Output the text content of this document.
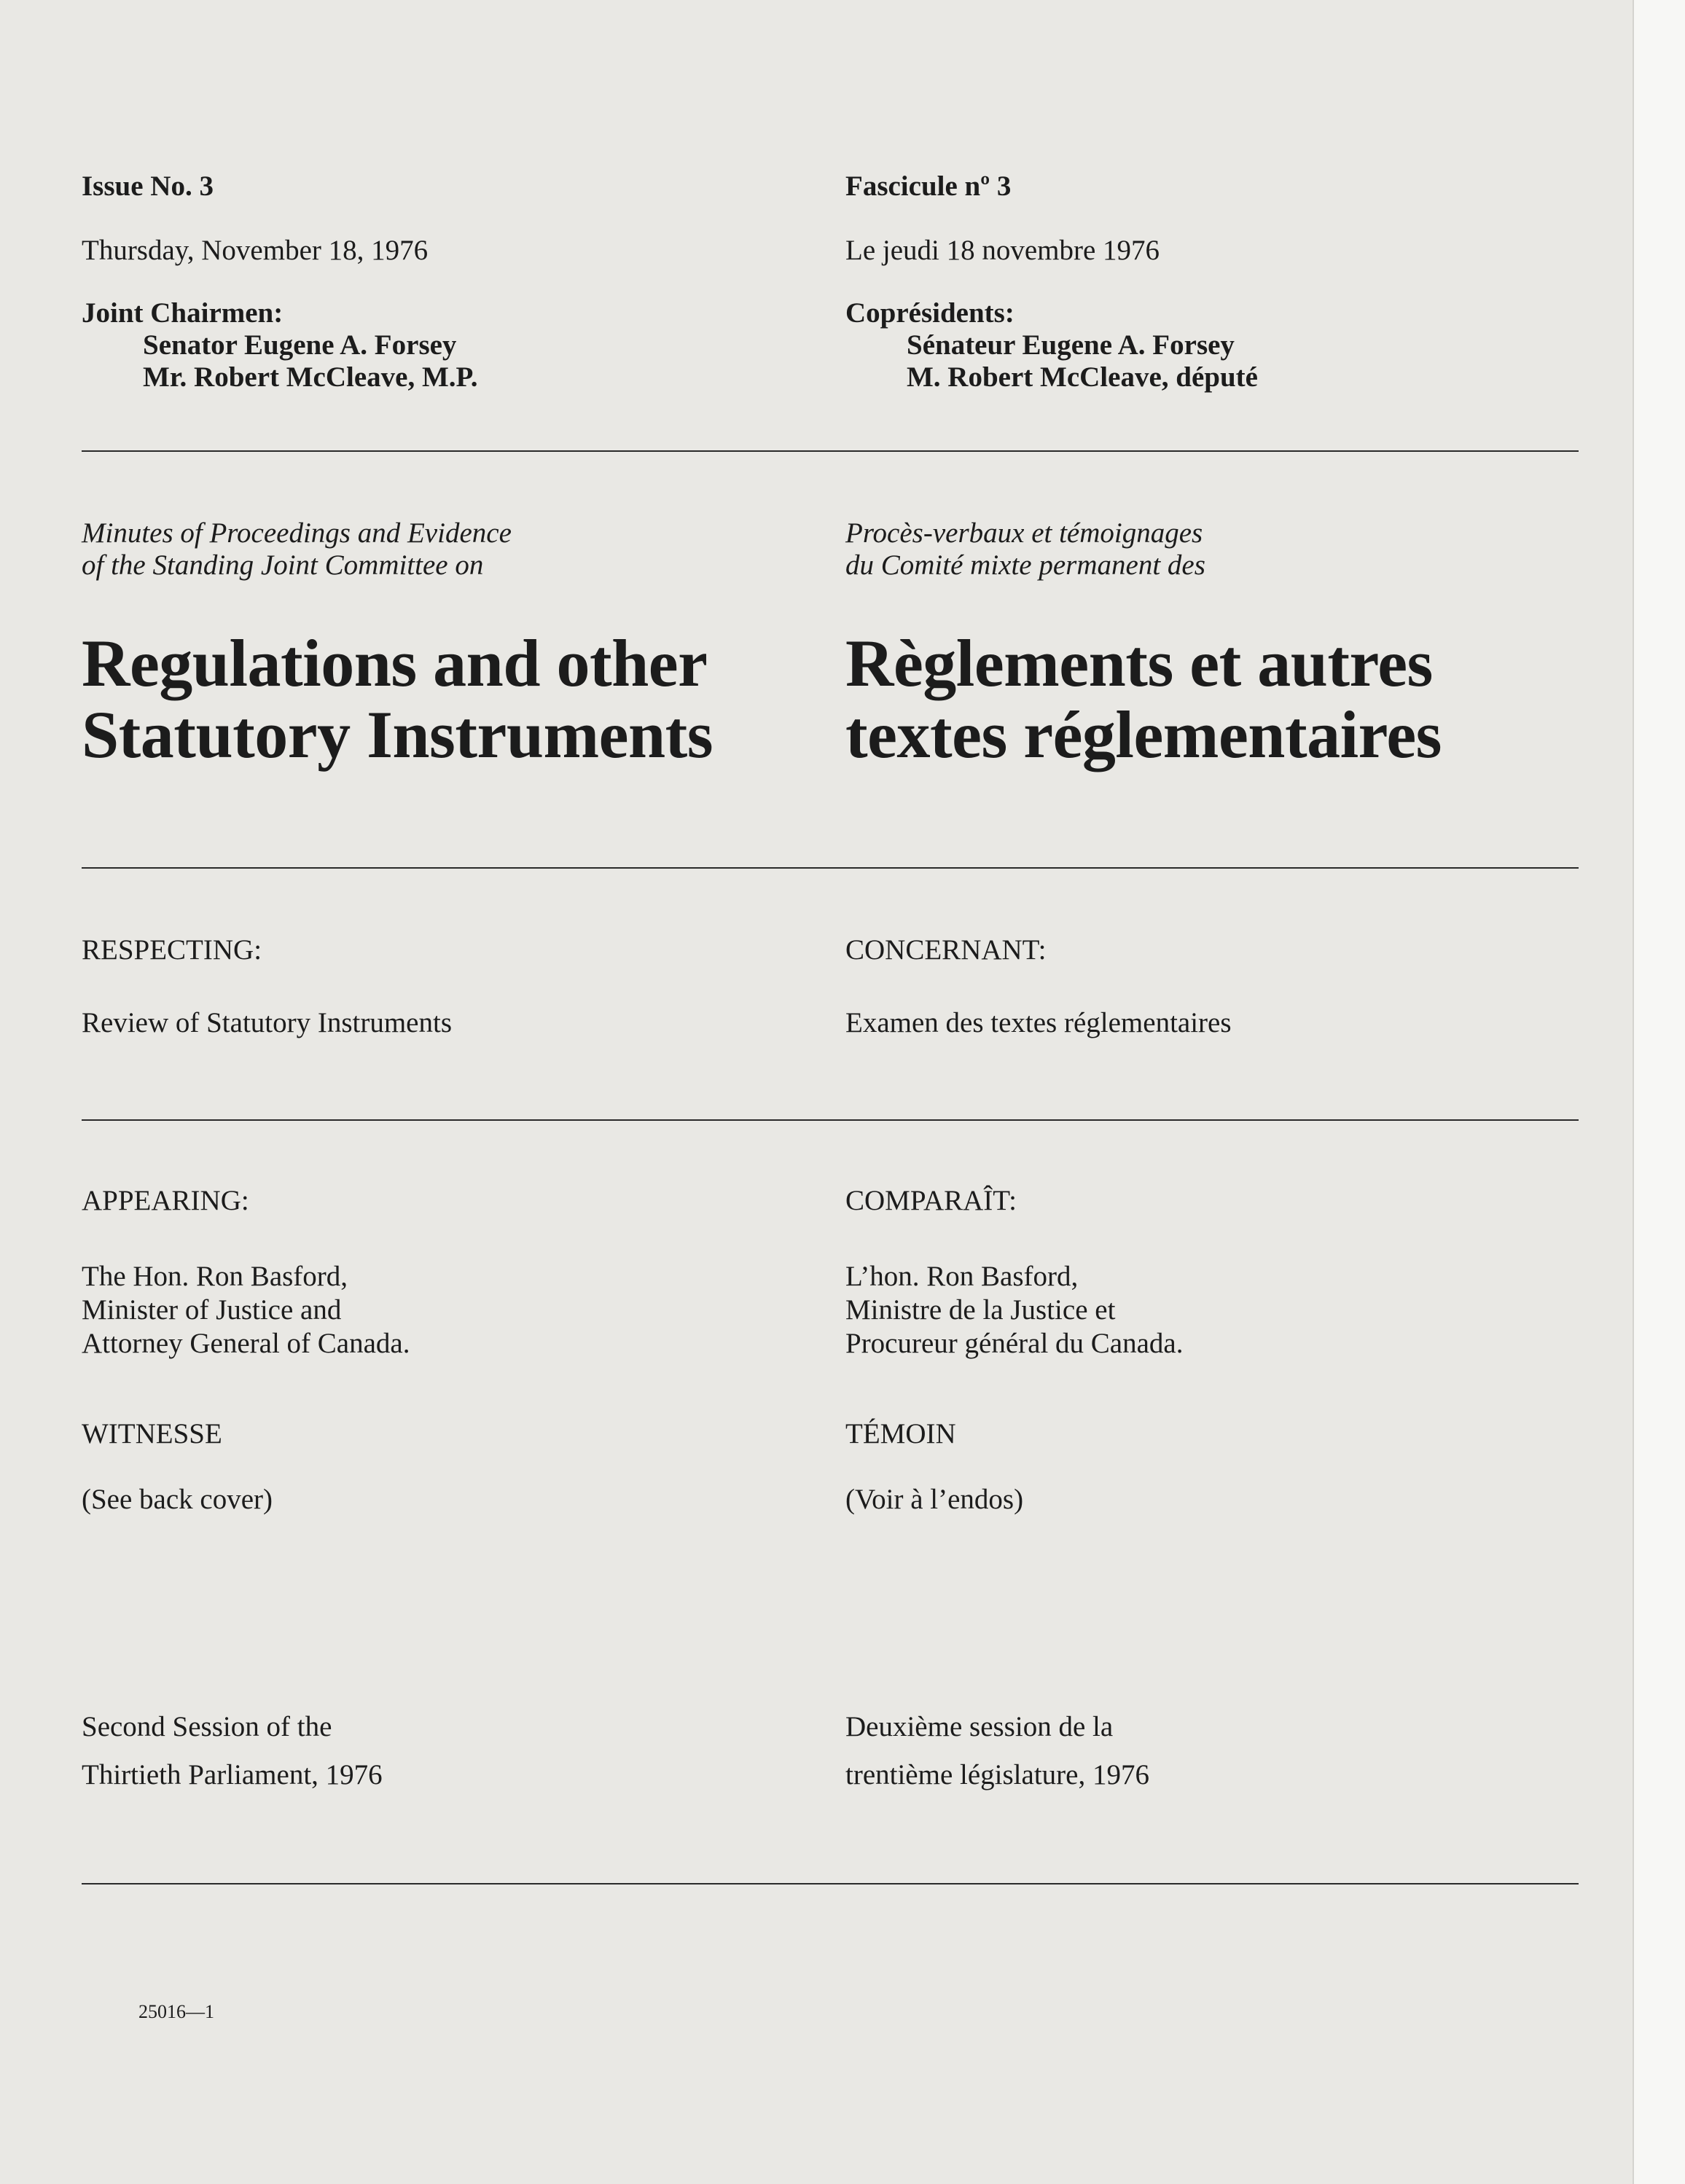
Issue No. 3
Thursday, November 18, 1976
Joint Chairmen:
Senator Eugene A. Forsey
Mr. Robert McCleave, M.P.
Minutes of Proceedings and Evidence
of the Standing Joint Committee on
Regulations and other
Statutory Instruments
RESPECTING:
Review of Statutory Instruments
APPEARING:
The Hon. Ron Basford,
Minister of Justice and
Attorney General of Canada.
WITNESSE
(See back cover)
Second Session of the
Thirtieth Parliament, 1976
Fascicule nº 3
Le jeudi 18 novembre 1976
Coprésidents:
Sénateur Eugene A. Forsey
M. Robert McCleave, député
Procès-verbaux et témoignages
du Comité mixte permanent des
Règlements et autres
textes réglementaires
CONCERNANT:
Examen des textes réglementaires
COMPARAÎT:
L’hon. Ron Basford,
Ministre de la Justice et
Procureur général du Canada.
TÉMOIN
(Voir à l’endos)
Deuxième session de la
trentième législature, 1976
25016—1
